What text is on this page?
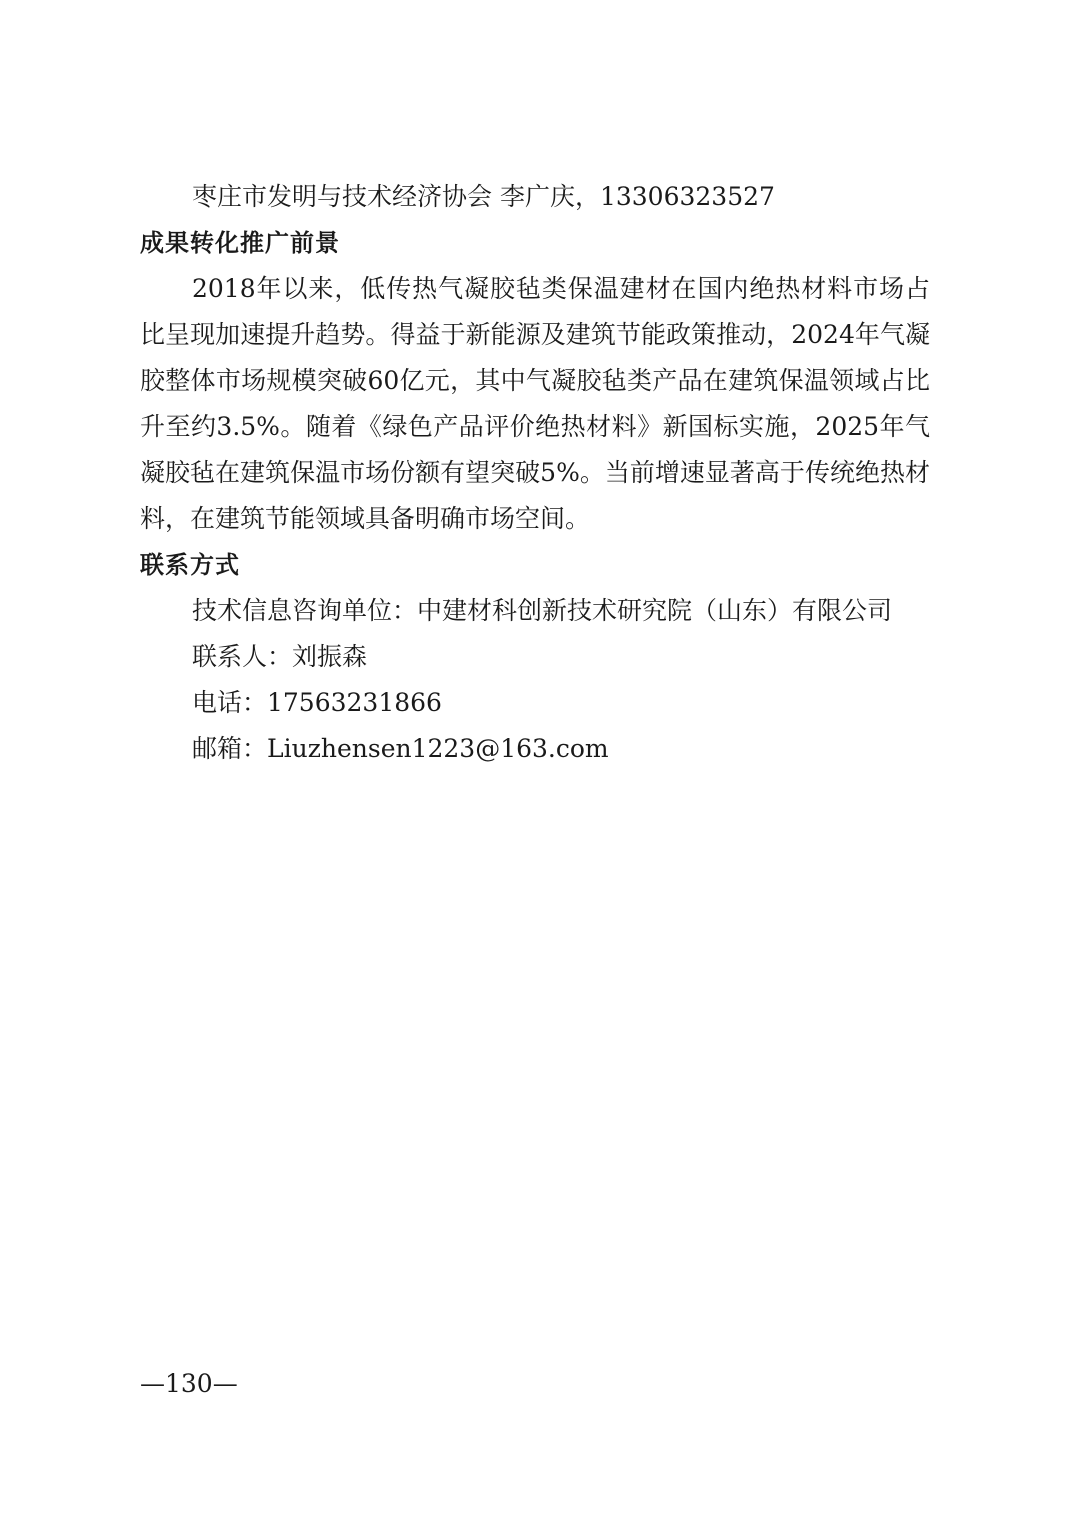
枣庄市发明与技术经济协会 李广庆，13306323527

成果转化推广前景

2018年以来，低传热气凝胶毡类保温建材在国内绝热材料市场占比呈现加速提升趋势。得益于新能源及建筑节能政策推动，2024年气凝胶整体市场规模突破60亿元，其中气凝胶毡类产品在建筑保温领域占比升至约3.5%。随着《绿色产品评价绝热材料》新国标实施，2025年气凝胶毡在建筑保温市场份额有望突破5%。当前增速显著高于传统绝热材料，在建筑节能领域具备明确市场空间。

联系方式

技术信息咨询单位：中建材科创新技术研究院（山东）有限公司

联系人：刘振森

电话：17563231866

邮箱：Liuzhensen1223@163.com

—130—
